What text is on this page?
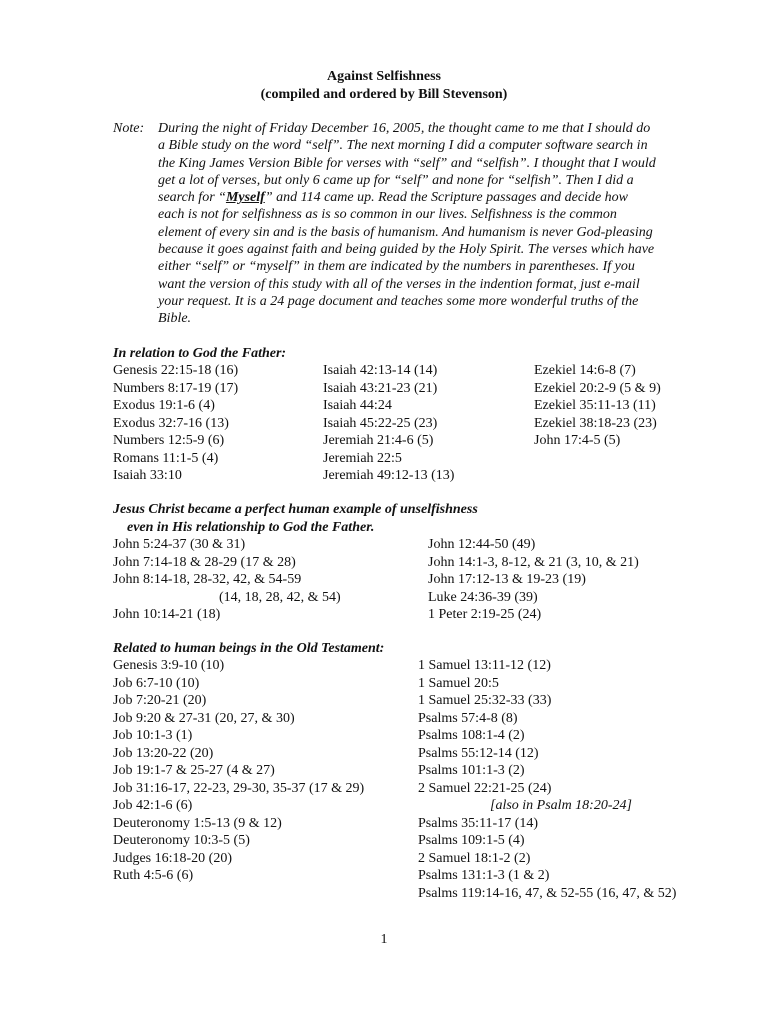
Against Selfishness
(compiled and ordered by Bill Stevenson)
Note: During the night of Friday December 16, 2005, the thought came to me that I should do
a Bible study on the word “self”. The next morning I did a computer software search in
the King James Version Bible for verses with “self” and “selfish”. I thought that I would
get a lot of verses, but only 6 came up for “self” and none for “selfish”. Then I did a
search for “Myself” and 114 came up. Read the Scripture passages and decide how
each is not for selfishness as is so common in our lives. Selfishness is the common
element of every sin and is the basis of humanism. And humanism is never God-pleasing
because it goes against faith and being guided by the Holy Spirit. The verses which have
either “self” or “myself” in them are indicated by the numbers in parentheses. If you
want the version of this study with all of the verses in the indention format, just e-mail
your request. It is a 24 page document and teaches some more wonderful truths of the
Bible.
In relation to God the Father:
Genesis 22:15-18 (16)
Numbers 8:17-19 (17)
Exodus 19:1-6 (4)
Exodus 32:7-16 (13)
Numbers 12:5-9 (6)
Romans 11:1-5 (4)
Isaiah 33:10
Isaiah 42:13-14 (14)
Isaiah 43:21-23 (21)
Isaiah 44:24
Isaiah 45:22-25 (23)
Jeremiah 21:4-6 (5)
Jeremiah 22:5
Jeremiah 49:12-13 (13)
Ezekiel 14:6-8 (7)
Ezekiel 20:2-9 (5 & 9)
Ezekiel 35:11-13 (11)
Ezekiel 38:18-23 (23)
John 17:4-5 (5)
Jesus Christ became a perfect human example of unselfishness
even in His relationship to God the Father.
John 5:24-37 (30 & 31)
John 7:14-18 & 28-29 (17 & 28)
John 8:14-18, 28-32, 42, & 54-59
(14, 18, 28, 42, & 54)
John 10:14-21 (18)
John 12:44-50 (49)
John 14:1-3, 8-12, & 21 (3, 10, & 21)
John 17:12-13 & 19-23 (19)
Luke 24:36-39 (39)
1 Peter 2:19-25 (24)
Related to human beings in the Old Testament:
Genesis 3:9-10 (10)
Job 6:7-10 (10)
Job 7:20-21 (20)
Job 9:20 & 27-31 (20, 27, & 30)
Job 10:1-3 (1)
Job 13:20-22 (20)
Job 19:1-7 & 25-27 (4 & 27)
Job 31:16-17, 22-23, 29-30, 35-37 (17 & 29)
Job 42:1-6 (6)
Deuteronomy 1:5-13 (9 & 12)
Deuteronomy 10:3-5 (5)
Judges 16:18-20 (20)
Ruth 4:5-6 (6)
1 Samuel 13:11-12 (12)
1 Samuel 20:5
1 Samuel 25:32-33 (33)
Psalms 57:4-8 (8)
Psalms 108:1-4 (2)
Psalms 55:12-14 (12)
Psalms 101:1-3 (2)
2 Samuel 22:21-25 (24)
[also in Psalm 18:20-24]
Psalms 35:11-17 (14)
Psalms 109:1-5 (4)
2 Samuel 18:1-2 (2)
Psalms 131:1-3 (1 & 2)
Psalms 119:14-16, 47, & 52-55 (16, 47, & 52)
1
